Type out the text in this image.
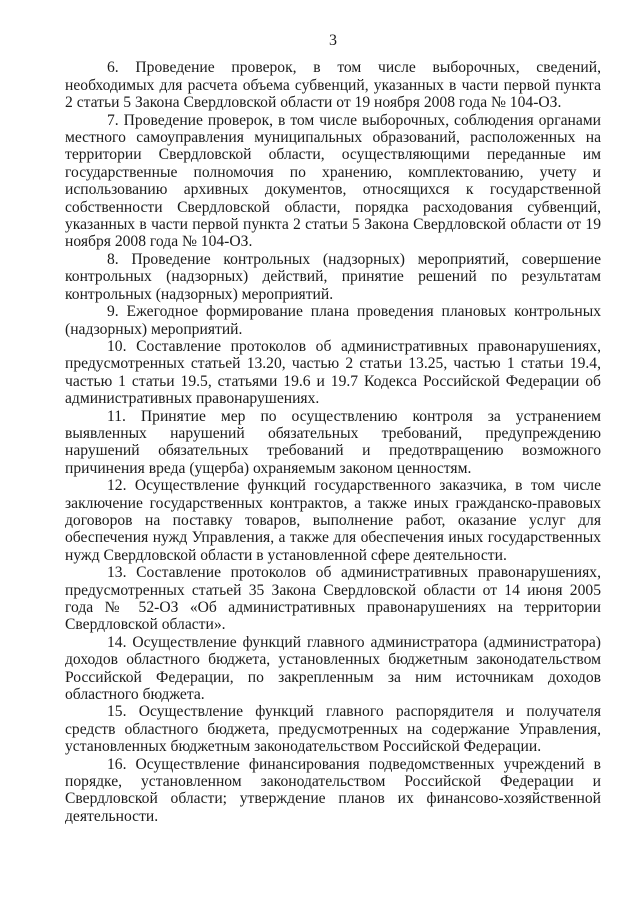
3

6. Проведение проверок, в том числе выборочных, сведений, необходимых для расчета объема субвенций, указанных в части первой пункта 2 статьи 5 Закона Свердловской области от 19 ноября 2008 года № 104-ОЗ.

7. Проведение проверок, в том числе выборочных, соблюдения органами местного самоуправления муниципальных образований, расположенных на территории Свердловской области, осуществляющими переданные им государственные полномочия по хранению, комплектованию, учету и использованию архивных документов, относящихся к государственной собственности Свердловской области, порядка расходования субвенций, указанных в части первой пункта 2 статьи 5 Закона Свердловской области от 19 ноября 2008 года № 104-ОЗ.

8. Проведение контрольных (надзорных) мероприятий, совершение контрольных (надзорных) действий, принятие решений по результатам контрольных (надзорных) мероприятий.

9. Ежегодное формирование плана проведения плановых контрольных (надзорных) мероприятий.

10. Составление протоколов об административных правонарушениях, предусмотренных статьей 13.20, частью 2 статьи 13.25, частью 1 статьи 19.4, частью 1 статьи 19.5, статьями 19.6 и 19.7 Кодекса Российской Федерации об административных правонарушениях.

11. Принятие мер по осуществлению контроля за устранением выявленных нарушений обязательных требований, предупреждению нарушений обязательных требований и предотвращению возможного причинения вреда (ущерба) охраняемым законом ценностям.

12. Осуществление функций государственного заказчика, в том числе заключение государственных контрактов, а также иных гражданско-правовых договоров на поставку товаров, выполнение работ, оказание услуг для обеспечения нужд Управления, а также для обеспечения иных государственных нужд Свердловской области в установленной сфере деятельности.

13. Составление протоколов об административных правонарушениях, предусмотренных статьей 35 Закона Свердловской области от 14 июня 2005 года № 52-ОЗ «Об административных правонарушениях на территории Свердловской области».

14. Осуществление функций главного администратора (администратора) доходов областного бюджета, установленных бюджетным законодательством Российской Федерации, по закрепленным за ним источникам доходов областного бюджета.

15. Осуществление функций главного распорядителя и получателя средств областного бюджета, предусмотренных на содержание Управления, установленных бюджетным законодательством Российской Федерации.

16. Осуществление финансирования подведомственных учреждений в порядке, установленном законодательством Российской Федерации и Свердловской области; утверждение планов их финансово-хозяйственной деятельности.
